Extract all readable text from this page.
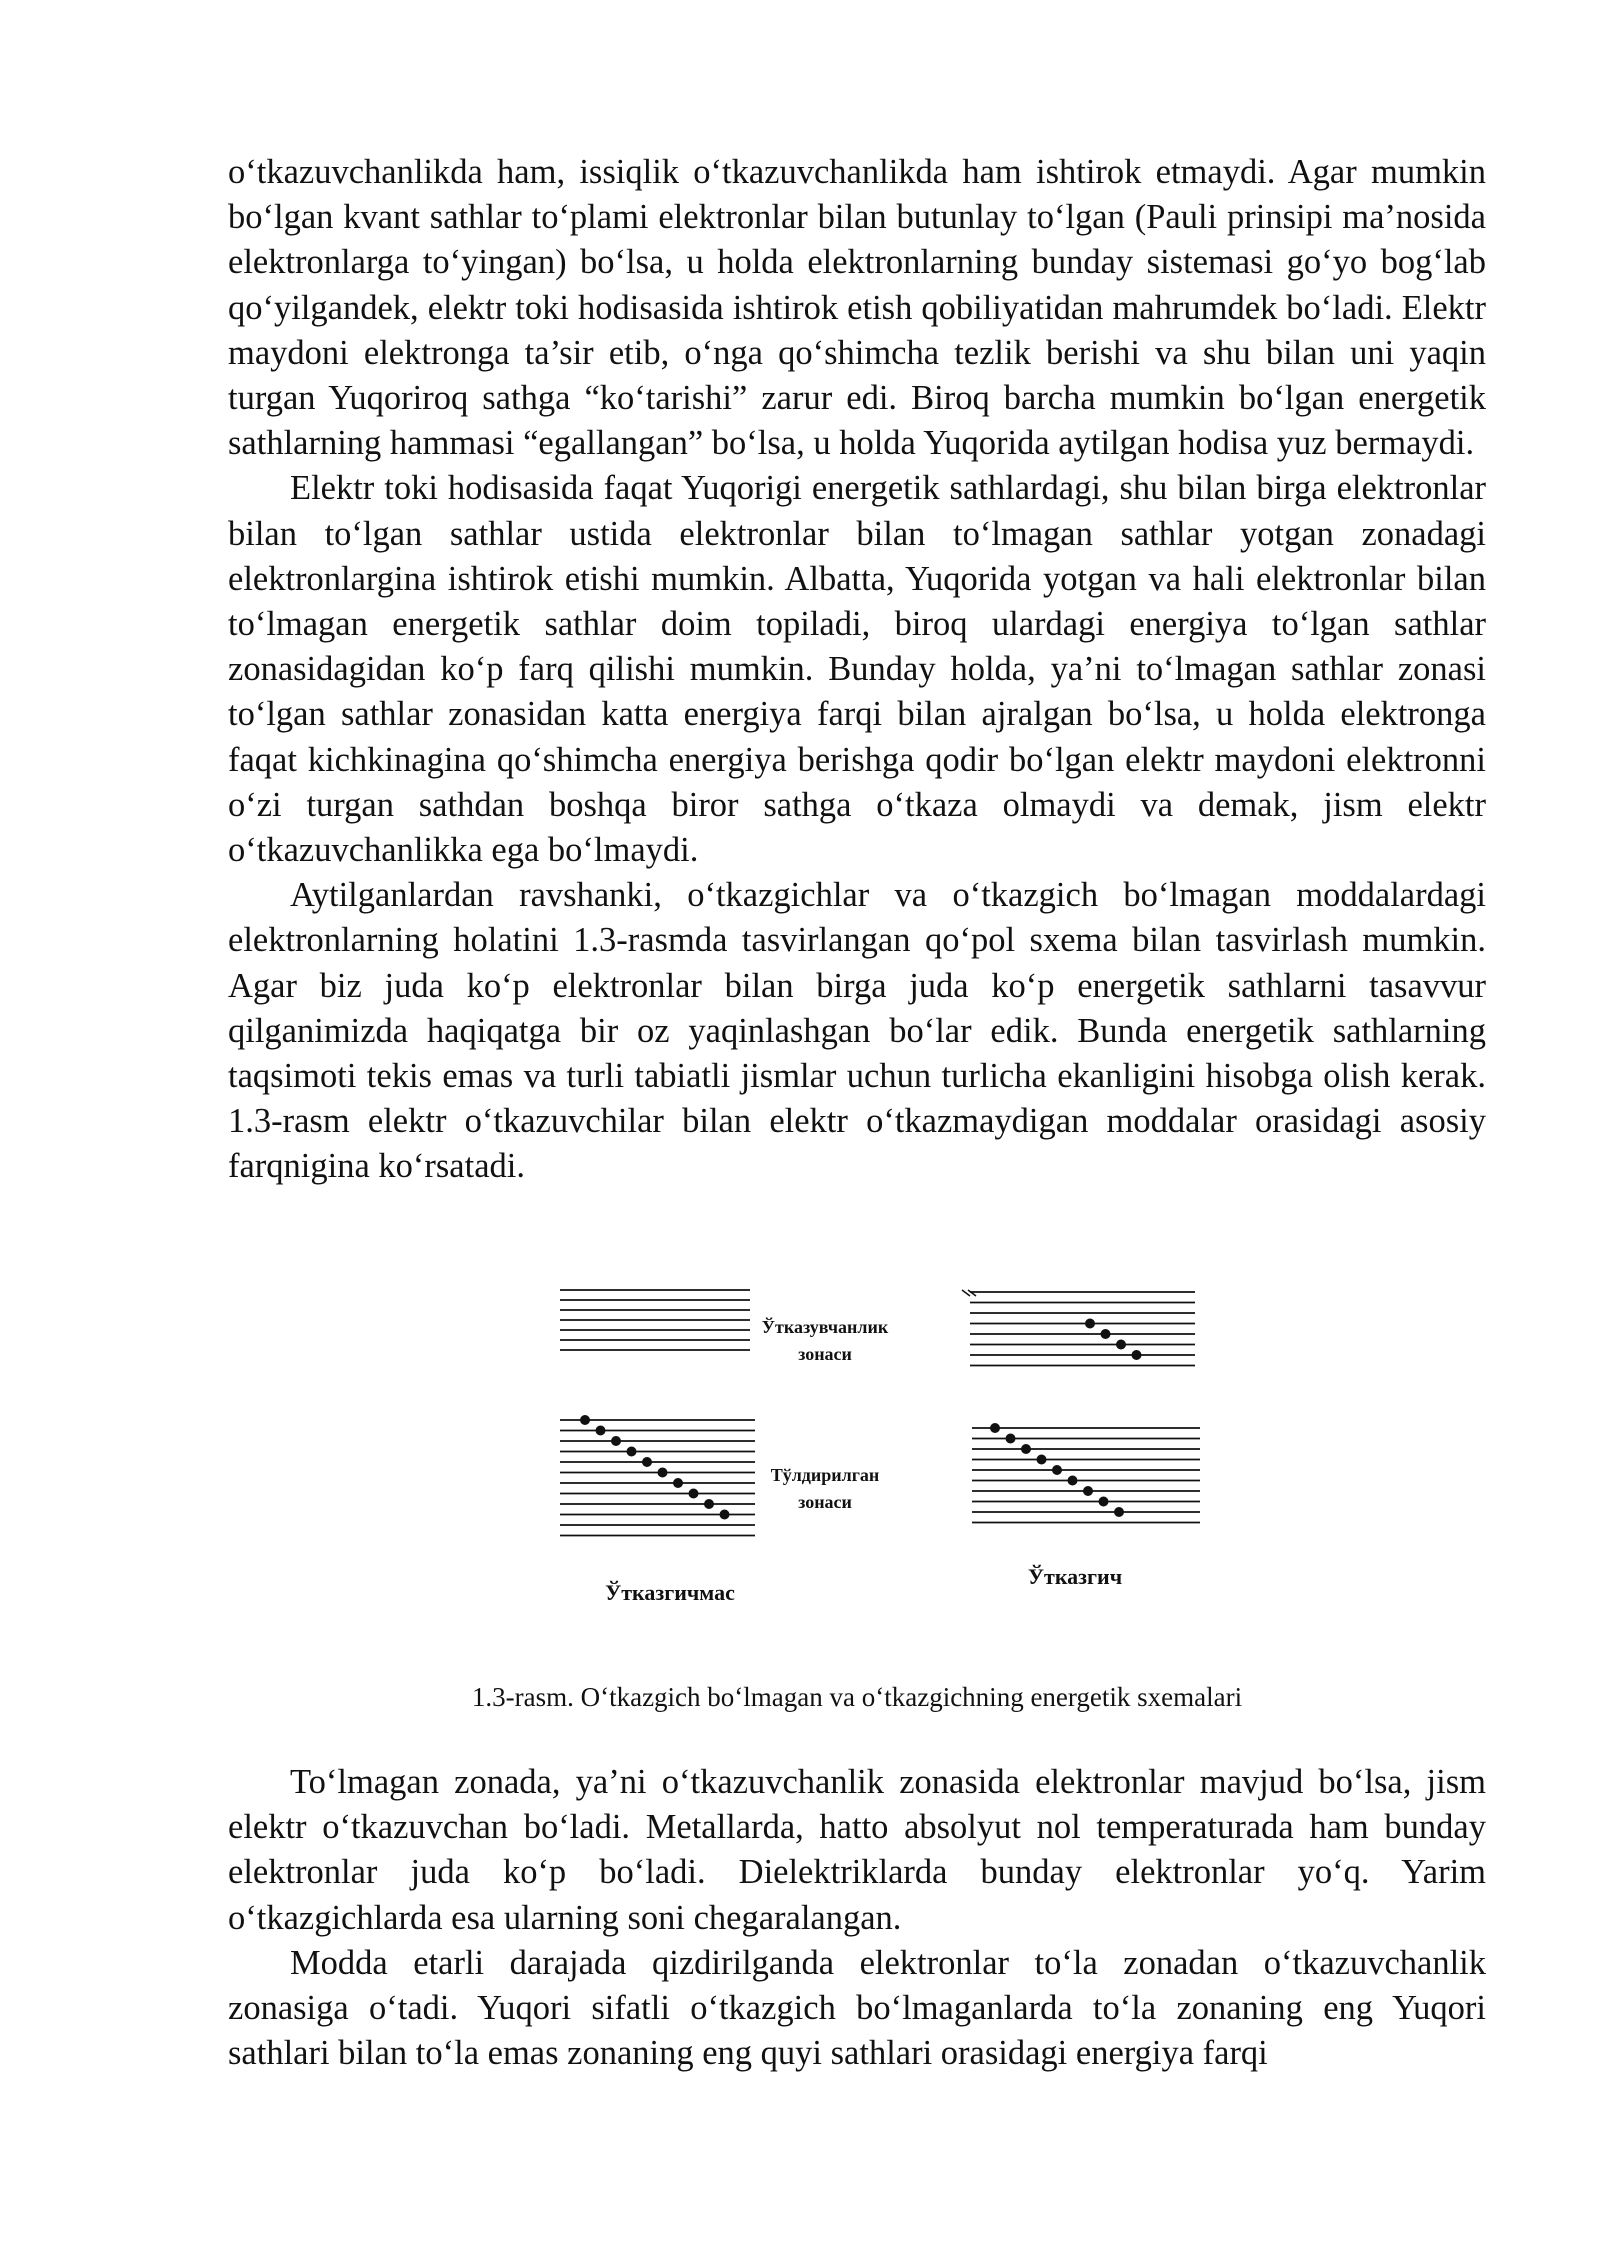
o‘tkazuvchanlikda ham, issiqlik o‘tkazuvchanlikda ham ishtirok etmaydi. Agar mumkin bo‘lgan kvant sathlar to‘plami elektronlar bilan butunlay to‘lgan (Pauli prinsipi ma’nosida elektronlarga to‘yingan) bo‘lsa, u holda elektronlarning bunday sistemasi go‘yo bog‘lab qo‘yilgandek, elektr toki hodisasida ishtirok etish qobiliyatidan mahrumdek bo‘ladi. Elektr maydoni elektronga ta’sir etib, o‘nga qo‘shimcha tezlik berishi va shu bilan uni yaqin turgan Yuqoriroq sathga “ko‘tarishi” zarur edi. Biroq barcha mumkin bo‘lgan energetik sathlarning hammasi “egallangan” bo‘lsa, u holda Yuqorida aytilgan hodisa yuz bermaydi.

Elektr toki hodisasida faqat Yuqorigi energetik sathlardagi, shu bilan birga elektronlar bilan to‘lgan sathlar ustida elektronlar bilan to‘lmagan sathlar yotgan zonadagi elektronlargina ishtirok etishi mumkin. Albatta, Yuqorida yotgan va hali elektronlar bilan to‘lmagan energetik sathlar doim topiladi, biroq ulardagi energiya to‘lgan sathlar zonasidagidan ko‘p farq qilishi mumkin. Bunday holda, ya’ni to‘lmagan sathlar zonasi to‘lgan sathlar zonasidan katta energiya farqi bilan ajralgan bo‘lsa, u holda elektronga faqat kichkinagina qo‘shimcha energiya berishga qodir bo‘lgan elektr maydoni elektronni o‘zi turgan sathdan boshqa biror sathga o‘tkaza olmaydi va demak, jism elektr o‘tkazuvchanlikka ega bo‘lmaydi.

Aytilganlardan ravshanki, o‘tkazgichlar va o‘tkazgich bo‘lmagan moddalardagi elektronlarning holatini 1.3-rasmda tasvirlangan qo‘pol sxema bilan tasvirlash mumkin. Agar biz juda ko‘p elektronlar bilan birga juda ko‘p energetik sathlarni tasavvur qilganimizda haqiqatga bir oz yaqinlashgan bo‘lar edik. Bunda energetik sathlarning taqsimoti tekis emas va turli tabiatli jismlar uchun turlicha ekanligini hisobga olish kerak. 1.3-rasm elektr o‘tkazuvchilar bilan elektr o‘tkazmaydigan moddalar orasidagi asosiy farqnigina ko‘rsatadi.

Ўтказувчанлик
зонаси
Тўлдирилган
зонаси
Ўтказгичмас
Ўтказгич
1.3-rasm. O‘tkazgich bo‘lmagan va o‘tkazgichning energetik sxemalari

To‘lmagan zonada, ya’ni o‘tkazuvchanlik zonasida elektronlar mavjud bo‘lsa, jism elektr o‘tkazuvchan bo‘ladi. Metallarda, hatto absolyut nol temperaturada ham bunday elektronlar juda ko‘p bo‘ladi. Dielektriklarda bunday elektronlar yo‘q. Yarim o‘tkazgichlarda esa ularning soni chegaralangan.

Modda etarli darajada qizdirilganda elektronlar to‘la zonadan o‘tkazuvchanlik zonasiga o‘tadi. Yuqori sifatli o‘tkazgich bo‘lmaganlarda to‘la zonaning eng Yuqori sathlari bilan to‘la emas zonaning eng quyi sathlari orasidagi energiya farqi
